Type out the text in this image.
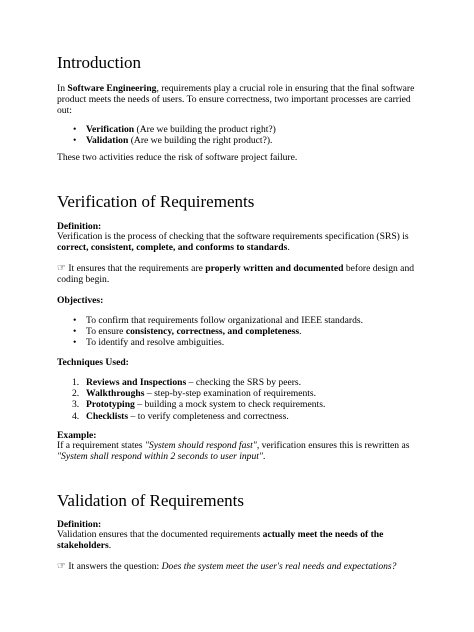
Introduction

In Software Engineering, requirements play a crucial role in ensuring that the final software product meets the needs of users. To ensure correctness, two important processes are carried out:

• Verification (Are we building the product right?)
• Validation (Are we building the right product?).

These two activities reduce the risk of software project failure.

Verification of Requirements

Definition:

Verification is the process of checking that the software requirements specification (SRS) is correct, consistent, complete, and conforms to standards.

☞ It ensures that the requirements are properly written and documented before design and coding begin.

Objectives:

• To confirm that requirements follow organizational and IEEE standards.
• To ensure consistency, correctness, and completeness.
• To identify and resolve ambiguities.

Techniques Used:

1. Reviews and Inspections – checking the SRS by peers.
2. Walkthroughs – step-by-step examination of requirements.
3. Prototyping – building a mock system to check requirements.
4. Checklists – to verify completeness and correctness.

Example:

If a requirement states "System should respond fast", verification ensures this is rewritten as "System shall respond within 2 seconds to user input".

Validation of Requirements

Definition:

Validation ensures that the documented requirements actually meet the needs of the stakeholders.

☞ It answers the question: Does the system meet the user's real needs and expectations?
